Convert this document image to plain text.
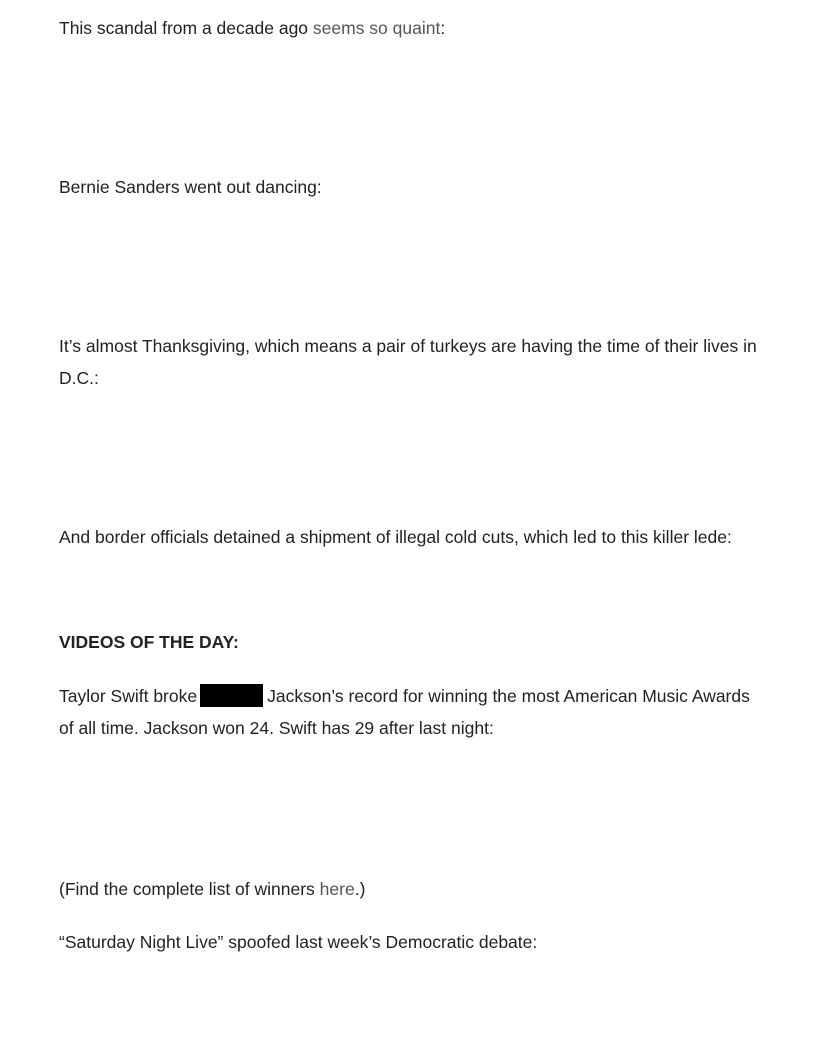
This scandal from a decade ago seems so quaint:

Bernie Sanders went out dancing:

It’s almost Thanksgiving, which means a pair of turkeys are having the time of their lives in D.C.:

And border officials detained a shipment of illegal cold cuts, which led to this killer lede:

VIDEOS OF THE DAY:

Taylor Swift broke	Jackson’s record for winning the most American Music Awards of all time. Jackson won 24. Swift has 29 after last night:

(Find the complete list of winners here.)

“Saturday Night Live” spoofed last week’s Democratic debate:
